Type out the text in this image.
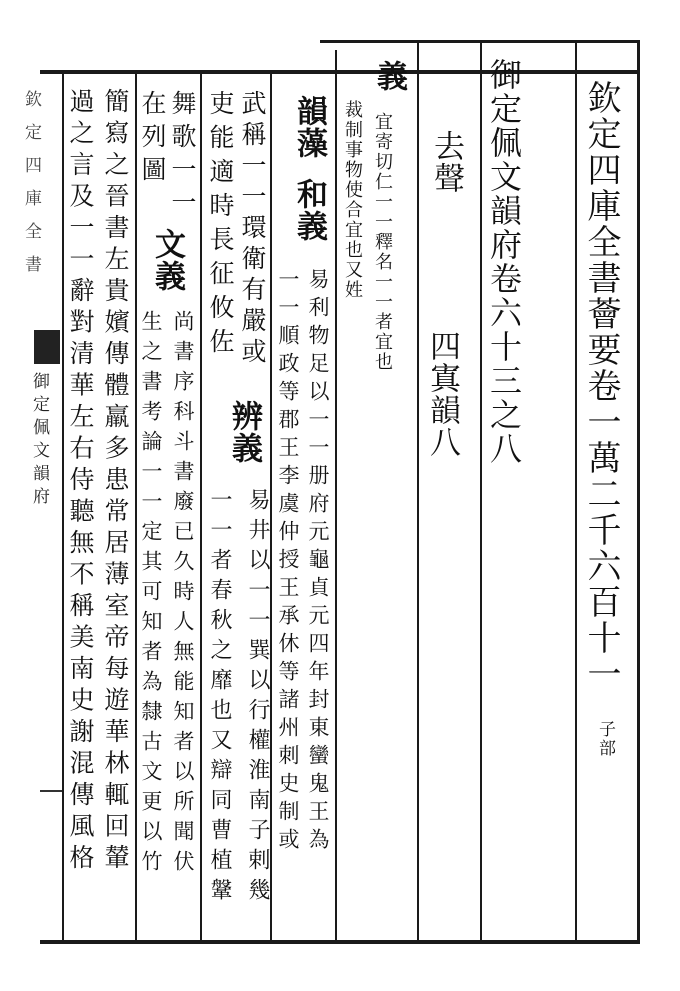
欽定四庫全書薈要卷一萬二千六百十一
子部
御定佩文韻府卷六十三之八
去聲
四寘韻八
義
宜寄切仁一一釋名一一者宜也
裁制事物使合宜也又姓
韻藻
和義
易利物足以一一册府元龜貞元四年封東蠻鬼王為
一一順政等郡王李虞仲授王承休等諸州刺史制或
武稱一一環衛有嚴或
辨義
易井以一一巽以行權淮南子剌幾
吏能適時長征攸佐
一一者春秋之靡也又辯同曹植鞶
舞歌一一
文義
尚書序科斗書廢已久時人無能知者以所聞伏
在列圖
生之書考論一一定其可知者為隸古文更以竹
簡寫之晉書左貴嬪傳體羸多患常居薄室帝每遊華林輒回輦
過之言及一一辭對清華左右侍聽無不稱美南史謝混傳風格
欽定四庫全書
御定佩文韻府
